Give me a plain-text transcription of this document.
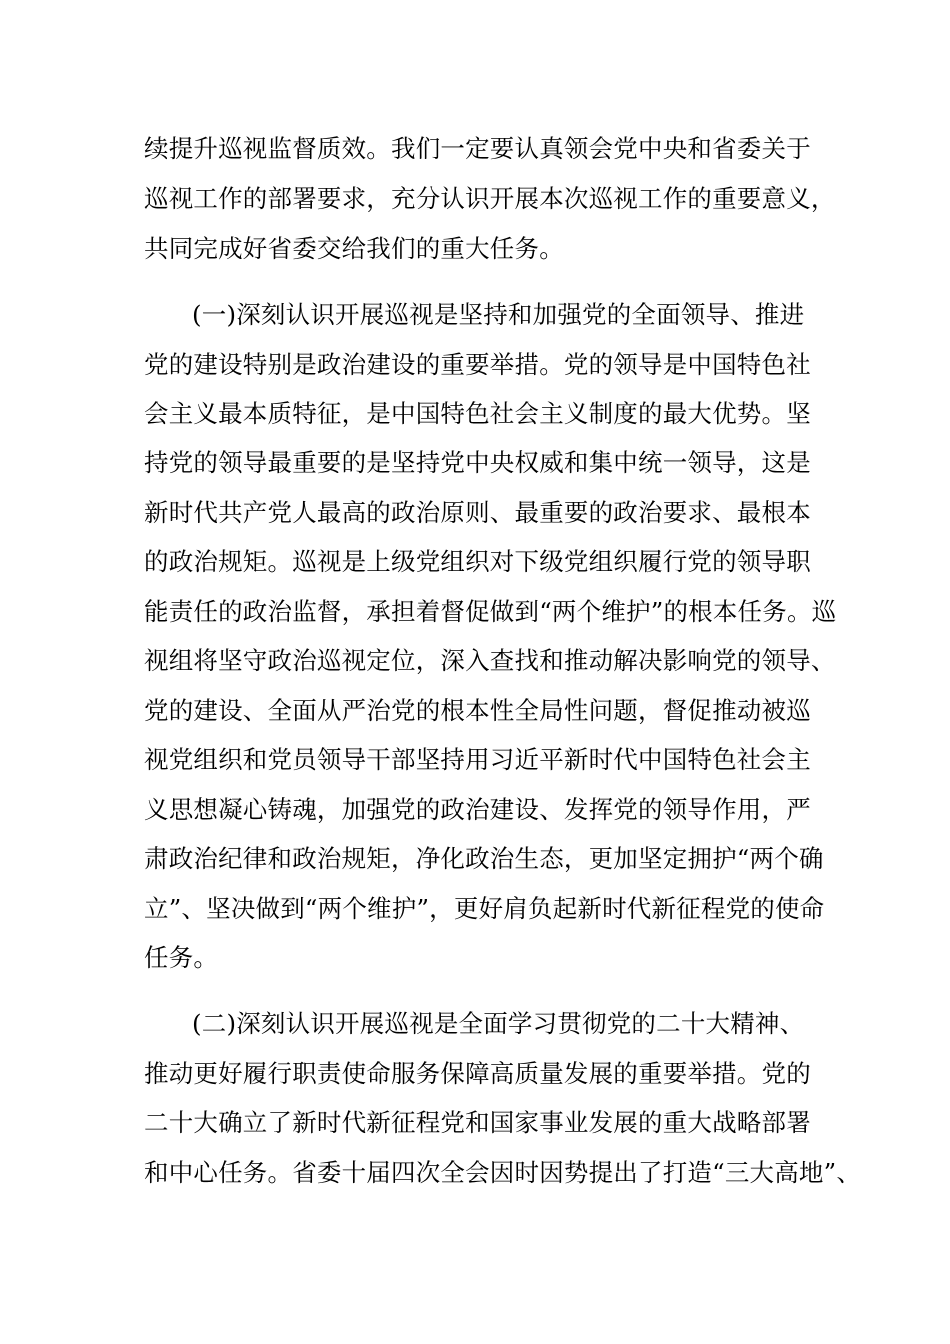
续提升巡视监督质效。我们一定要认真领会党中央和省委关于
巡视工作的部署要求，充分认识开展本次巡视工作的重要意义，
共同完成好省委交给我们的重大任务。
(一)深刻认识开展巡视是坚持和加强党的全面领导、推进
党的建设特别是政治建设的重要举措。党的领导是中国特色社
会主义最本质特征，是中国特色社会主义制度的最大优势。坚
持党的领导最重要的是坚持党中央权威和集中统一领导，这是
新时代共产党人最高的政治原则、最重要的政治要求、最根本
的政治规矩。巡视是上级党组织对下级党组织履行党的领导职
能责任的政治监督，承担着督促做到“两个维护”的根本任务。巡
视组将坚守政治巡视定位，深入查找和推动解决影响党的领导、
党的建设、全面从严治党的根本性全局性问题，督促推动被巡
视党组织和党员领导干部坚持用习近平新时代中国特色社会主
义思想凝心铸魂，加强党的政治建设、发挥党的领导作用，严
肃政治纪律和政治规矩，净化政治生态，更加坚定拥护“两个确
立”、坚决做到“两个维护”，更好肩负起新时代新征程党的使命
任务。
(二)深刻认识开展巡视是全面学习贯彻党的二十大精神、
推动更好履行职责使命服务保障高质量发展的重要举措。党的
二十大确立了新时代新征程党和国家事业发展的重大战略部署
和中心任务。省委十届四次全会因时因势提出了打造“三大高地”、
